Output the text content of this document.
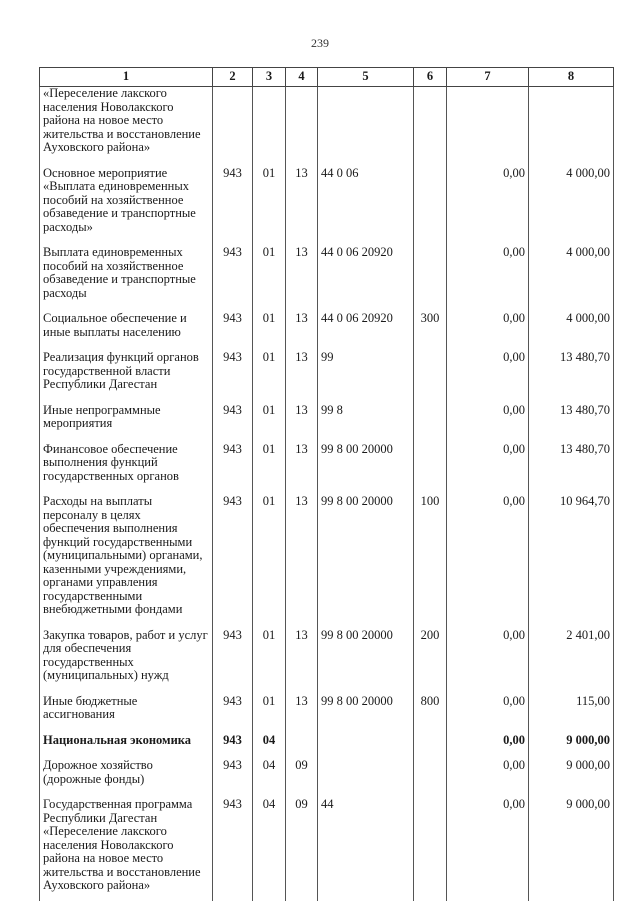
239
1	2	3	4	5	6	7	8
«Переселение лакского населения Новолакского района на новое место жительства и восстановление Ауховского района»							
Основное мероприятие «Выплата единовременных пособий на хозяйственное обзаведение и транспортные расходы»	943	01	13	44 0 06		0,00	4 000,00
Выплата единовременных пособий на хозяйственное обзаведение и транспортные расходы	943	01	13	44 0 06 20920		0,00	4 000,00
Социальное обеспечение и иные выплаты населению	943	01	13	44 0 06 20920	300	0,00	4 000,00
Реализация функций органов государственной власти Республики Дагестан	943	01	13	99		0,00	13 480,70
Иные непрограммные мероприятия	943	01	13	99 8		0,00	13 480,70
Финансовое обеспечение выполнения функций государственных органов	943	01	13	99 8 00 20000		0,00	13 480,70
Расходы на выплаты персоналу в целях обеспечения выполнения функций государственными (муниципальными) органами, казенными учреждениями, органами управления государственными внебюджетными фондами	943	01	13	99 8 00 20000	100	0,00	10 964,70
Закупка товаров, работ и услуг для обеспечения государственных (муниципальных) нужд	943	01	13	99 8 00 20000	200	0,00	2 401,00
Иные бюджетные ассигнования	943	01	13	99 8 00 20000	800	0,00	115,00
Национальная экономика	943	04				0,00	9 000,00
Дорожное хозяйство (дорожные фонды)	943	04	09			0,00	9 000,00
Государственная программа Республики Дагестан «Переселение лакского населения Новолакского района на новое место жительства и восстановление Ауховского района»	943	04	09	44		0,00	9 000,00
